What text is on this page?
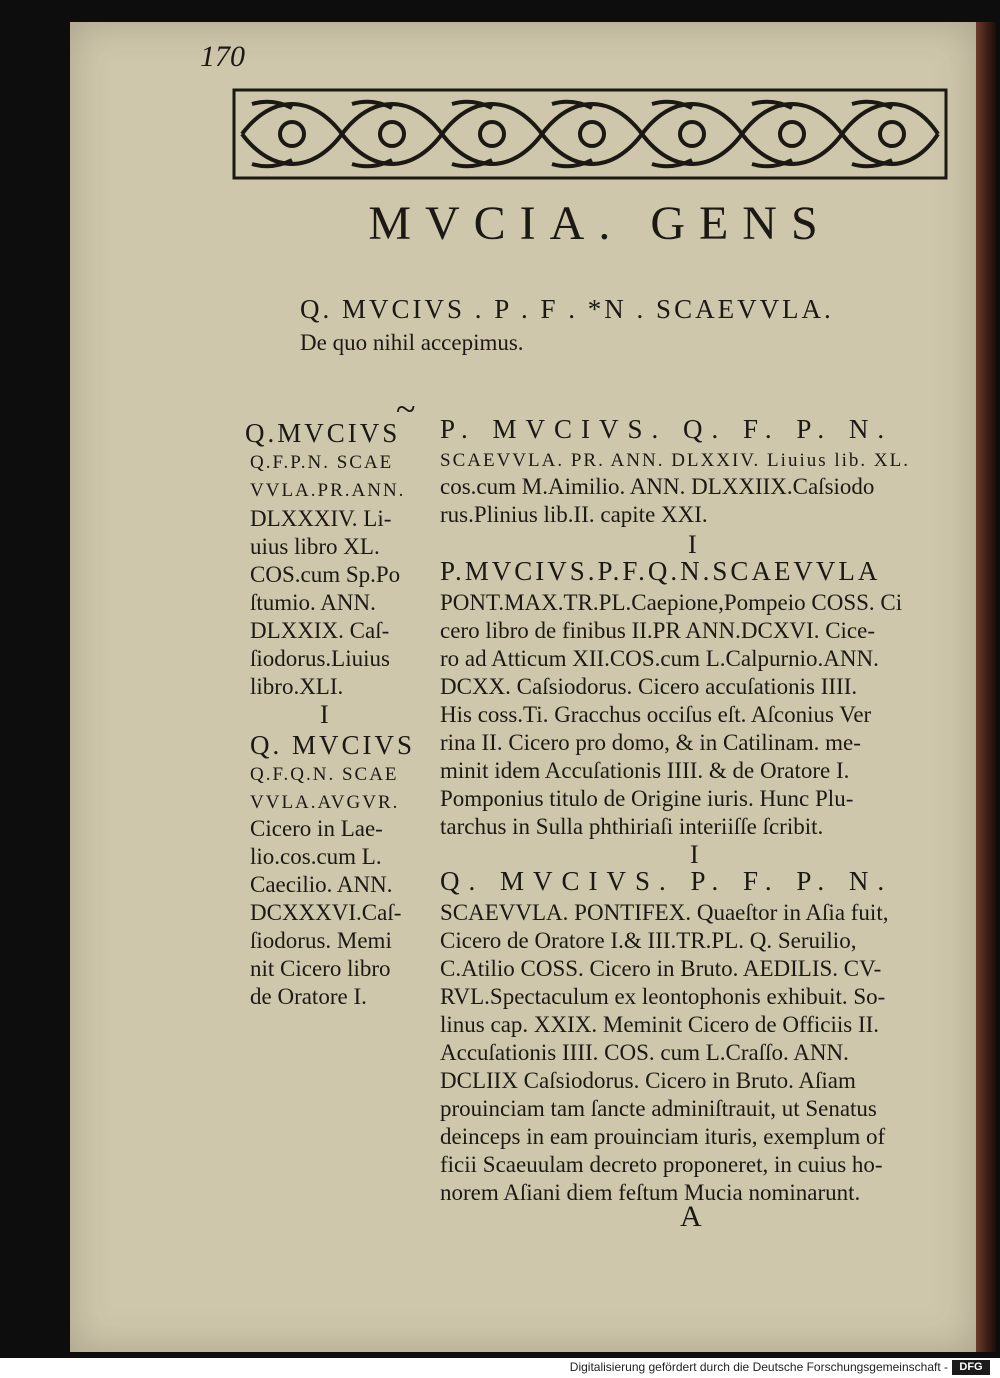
170
MVCIA. GENS
Q. MVCIVS . P . F . *N . SCAEVVLA.
De quo nihil accepimus.
~
Q.MVCIVS
Q.F.P.N. SCAE
VVLA.PR.ANN.
DLXXXIV. Li-
uius libro XL.
COS.cum Sp.Po
ſtumio. ANN.
DLXXIX. Caſ-
ſiodorus.Liuius
libro.XLI.
I
Q. MVCIVS
Q.F.Q.N. SCAE
VVLA.AVGVR.
Cicero in Lae-
lio.cos.cum L.
Caecilio. ANN.
DCXXXVI.Caſ-
ſiodorus. Memi
nit Cicero libro
de Oratore I.
P. MVCIVS. Q. F. P. N.
SCAEVVLA. PR. ANN. DLXXIV. Liuius lib. XL.
cos.cum M.Aimilio. ANN. DLXXIIX.Caſsiodo
rus.Plinius lib.II. capite XXI.
I
P.MVCIVS.P.F.Q.N.SCAEVVLA
PONT.MAX.TR.PL.Caepione,Pompeio COSS. Ci
cero libro de finibus II.PR ANN.DCXVI. Cice-
ro ad Atticum XII.COS.cum L.Calpurnio.ANN.
DCXX. Caſsiodorus. Cicero accuſationis IIII.
His coss.Ti. Gracchus occiſus eſt. Aſconius Ver
rina II. Cicero pro domo, & in Catilinam. me-
minit idem Accuſationis IIII. & de Oratore I.
Pomponius titulo de Origine iuris. Hunc Plu-
tarchus in Sulla phthiriaſi interiiſſe ſcribit.
I
Q. MVCIVS. P. F. P. N.
SCAEVVLA. PONTIFEX. Quaeſtor in Aſia fuit,
Cicero de Oratore I.& III.TR.PL. Q. Seruilio,
C.Atilio COSS. Cicero in Bruto. AEDILIS. CV-
RVL.Spectaculum ex leontophonis exhibuit. So-
linus cap. XXIX. Meminit Cicero de Officiis II.
Accuſationis IIII. COS. cum L.Craſſo. ANN.
DCLIIX Caſsiodorus. Cicero in Bruto. Aſiam
prouinciam tam ſancte adminiſtrauit, ut Senatus
deinceps in eam prouinciam ituris, exemplum of
ficii Scaeuulam decreto proponeret, in cuius ho-
norem Aſiani diem feſtum Mucia nominarunt.
A
Digitalisierung gefördert durch die Deutsche Forschungsgemeinschaft -	DFG
